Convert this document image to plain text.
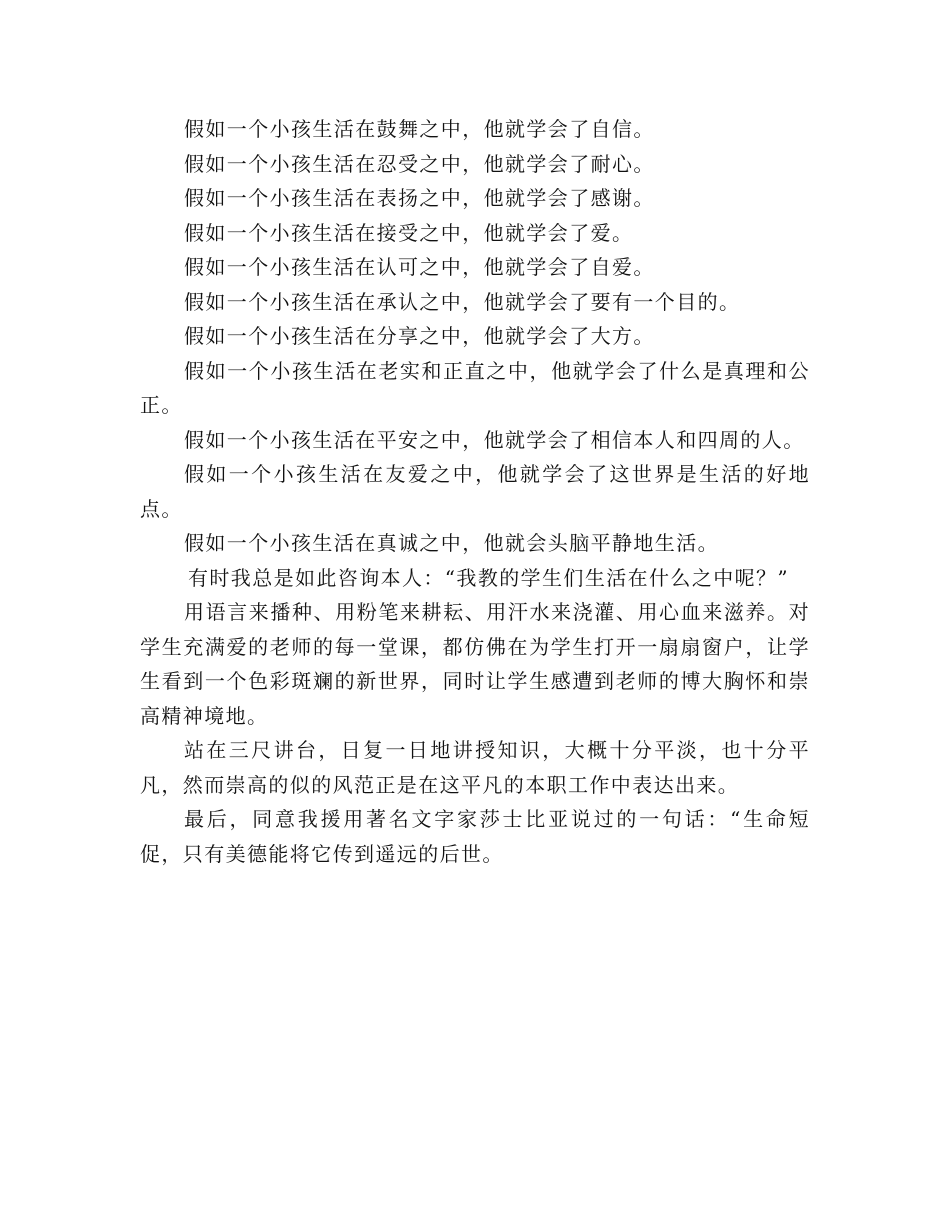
假如一个小孩生活在鼓舞之中，他就学会了自信。

假如一个小孩生活在忍受之中，他就学会了耐心。

假如一个小孩生活在表扬之中，他就学会了感谢。

假如一个小孩生活在接受之中，他就学会了爱。

假如一个小孩生活在认可之中，他就学会了自爱。

假如一个小孩生活在承认之中，他就学会了要有一个目的。

假如一个小孩生活在分享之中，他就学会了大方。

假如一个小孩生活在老实和正直之中，他就学会了什么是真理和公正。

假如一个小孩生活在平安之中，他就学会了相信本人和四周的人。

假如一个小孩生活在友爱之中，他就学会了这世界是生活的好地点。

假如一个小孩生活在真诚之中，他就会头脑平静地生活。

有时我总是如此咨询本人：“我教的学生们生活在什么之中呢？”

用语言来播种、用粉笔来耕耘、用汗水来浇灌、用心血来滋养。对学生充满爱的老师的每一堂课，都仿佛在为学生打开一扇扇窗户，让学生看到一个色彩斑斓的新世界，同时让学生感遭到老师的博大胸怀和崇高精神境地。

站在三尺讲台，日复一日地讲授知识，大概十分平淡，也十分平凡，然而崇高的似的风范正是在这平凡的本职工作中表达出来。

最后，同意我援用著名文字家莎士比亚说过的一句话：“生命短促，只有美德能将它传到遥远的后世。
